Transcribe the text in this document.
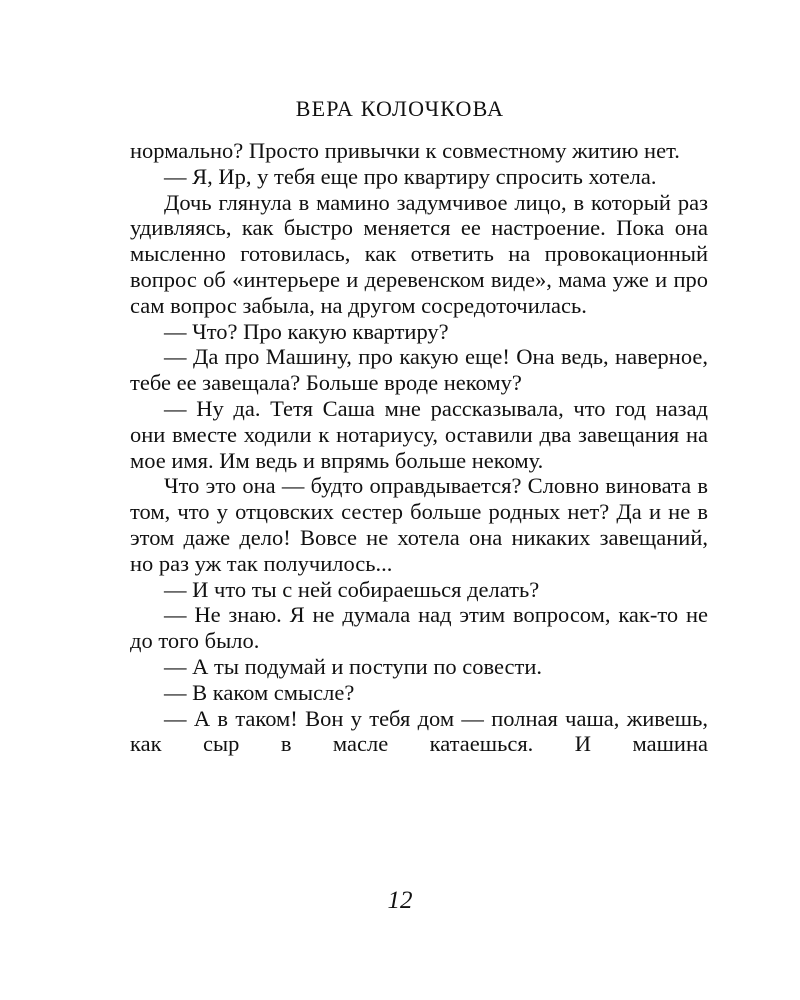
ВЕРА КОЛОЧКОВА

нормально? Просто привычки к совместному житию нет.

— Я, Ир, у тебя еще про квартиру спросить хотела.

Дочь глянула в мамино задумчивое лицо, в который раз удивляясь, как быстро меняется ее настроение. Пока она мысленно готовилась, как ответить на провокационный вопрос об «интерьере и деревенском виде», мама уже и про сам вопрос забыла, на другом сосредоточилась.

— Что? Про какую квартиру?

— Да про Машину, про какую еще! Она ведь, наверное, тебе ее завещала? Больше вроде некому?

— Ну да. Тетя Саша мне рассказывала, что год назад они вместе ходили к нотариусу, оставили два завещания на мое имя. Им ведь и впрямь больше некому.

Что это она — будто оправдывается? Словно виновата в том, что у отцовских сестер больше родных нет? Да и не в этом даже дело! Вовсе не хотела она никаких завещаний, но раз уж так получилось...

— И что ты с ней собираешься делать?

— Не знаю. Я не думала над этим вопросом, как-то не до того было.

— А ты подумай и поступи по совести.

— В каком смысле?

— А в таком! Вон у тебя дом — полная чаша, живешь, как сыр в масле катаешься. И машина

12
